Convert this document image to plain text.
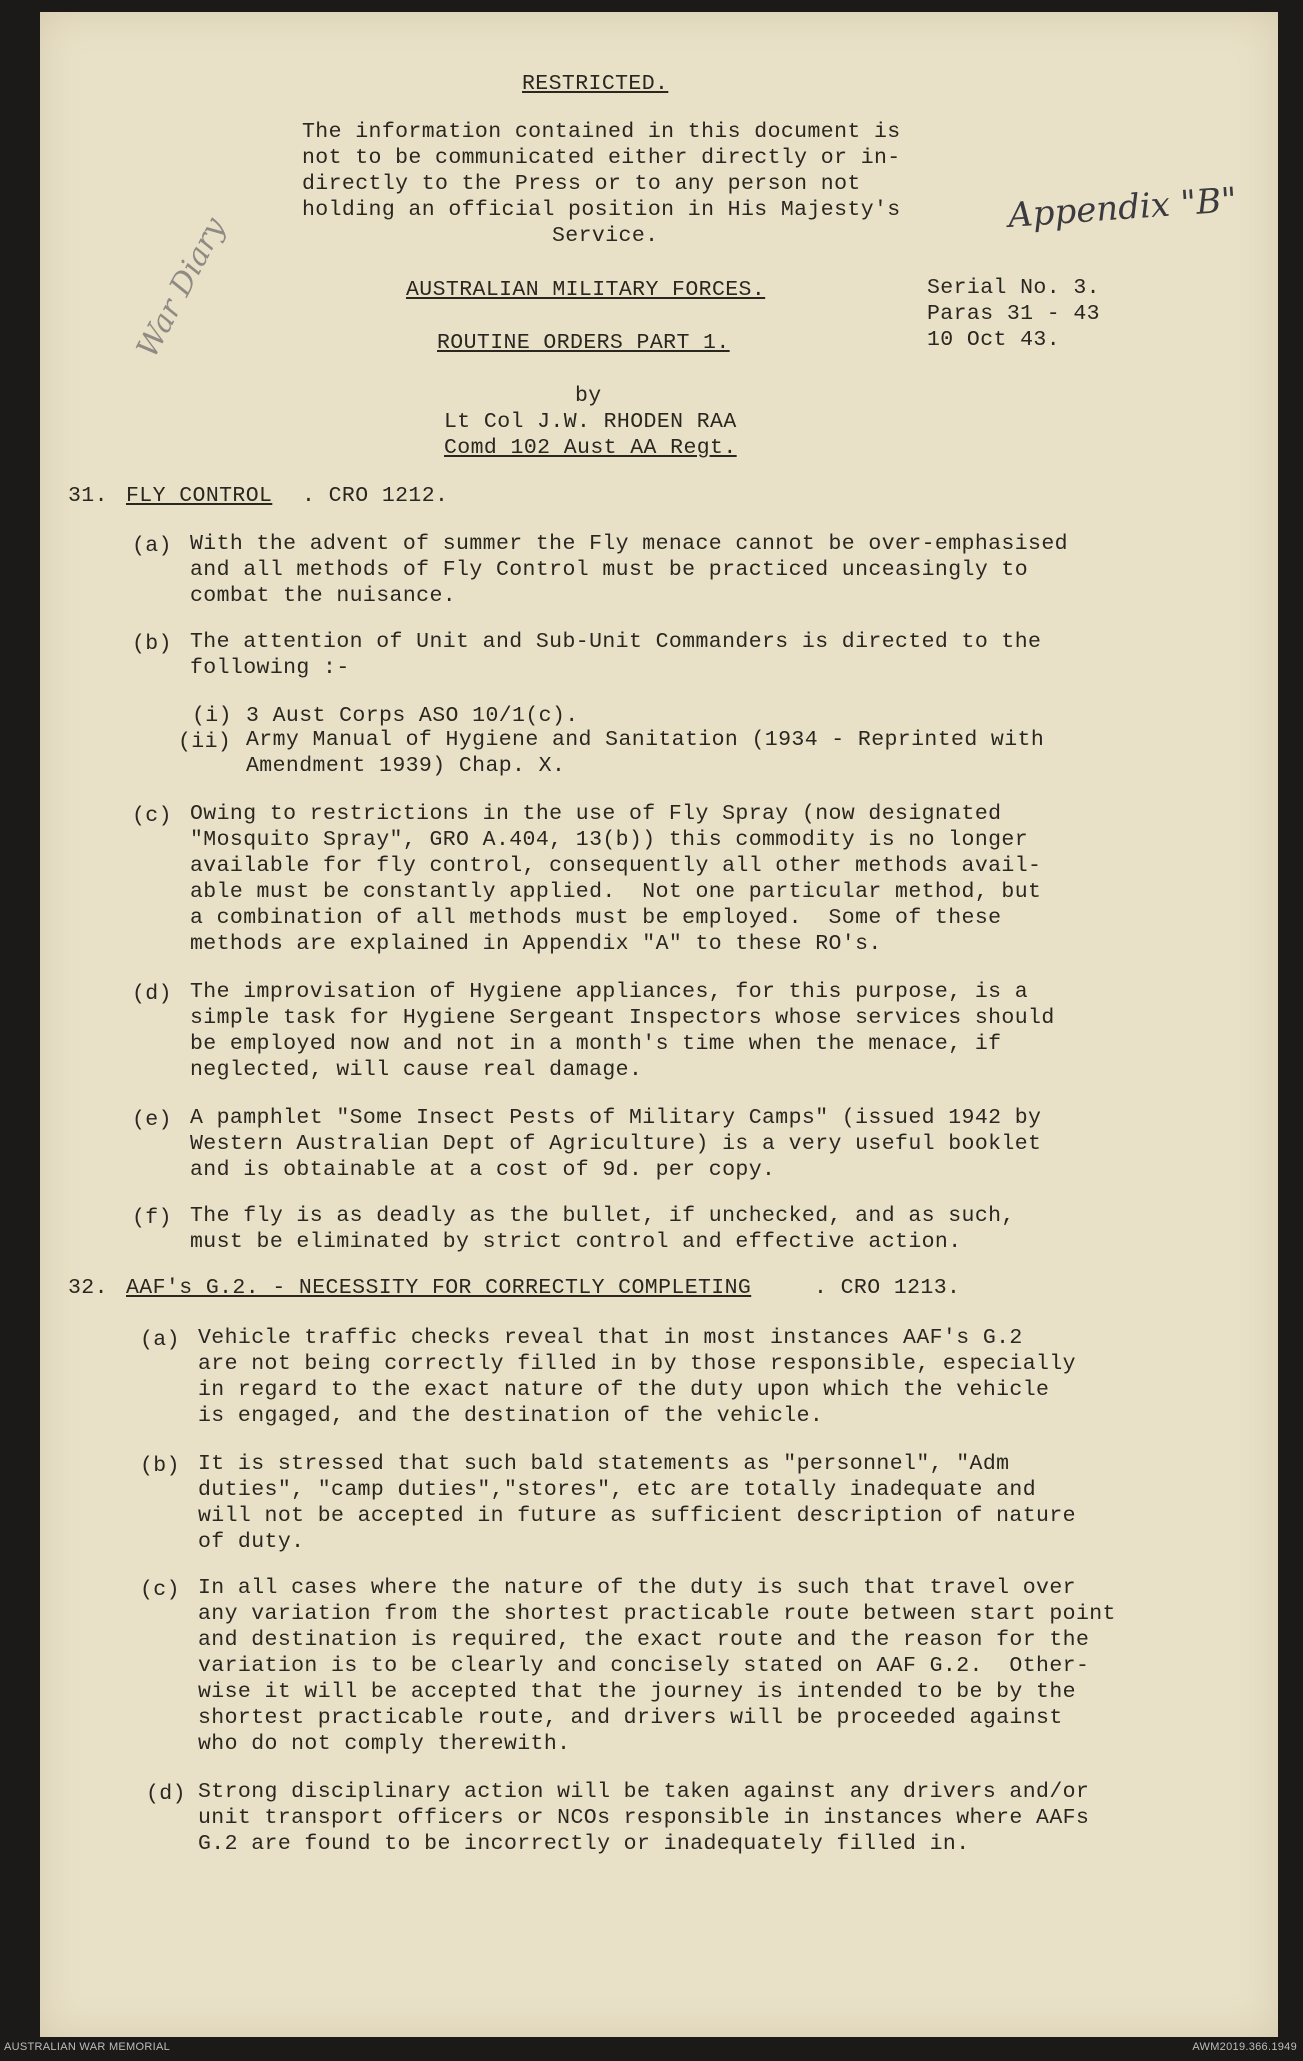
RESTRICTED.
The information contained in this document is
not to be communicated either directly or in-
directly to the Press or to any person not
holding an official position in His Majesty's
Service.
Appendix "B"
War Diary	AUSTRALIAN MILITARY FORCES.
ROUTINE ORDERS PART 1.
Serial No. 3.
Paras 31 - 43
10 Oct 43.
by
Lt Col J.W. RHODEN RAA
Comd 102 Aust AA Regt.
31. FLY CONTROL . CRO 1212.
(a) With the advent of summer the Fly menace cannot be over-emphasised
and all methods of Fly Control must be practiced unceasingly to
combat the nuisance.
(b) The attention of Unit and Sub-Unit Commanders is directed to the
following :-
(i) 3 Aust Corps ASO 10/1(c).
(ii) Army Manual of Hygiene and Sanitation (1934 - Reprinted with
Amendment 1939) Chap. X.
(c) Owing to restrictions in the use of Fly Spray (now designated
"Mosquito Spray", GRO A.404, 13(b)) this commodity is no longer
available for fly control, consequently all other methods avail-
able must be constantly applied.  Not one particular method, but
a combination of all methods must be employed.  Some of these
methods are explained in Appendix "A" to these RO's.
(d) The improvisation of Hygiene appliances, for this purpose, is a
simple task for Hygiene Sergeant Inspectors whose services should
be employed now and not in a month's time when the menace, if
neglected, will cause real damage.
(e) A pamphlet "Some Insect Pests of Military Camps" (issued 1942 by
Western Australian Dept of Agriculture) is a very useful booklet
and is obtainable at a cost of 9d. per copy.
(f) The fly is as deadly as the bullet, if unchecked, and as such,
must be eliminated by strict control and effective action.
32. AAF's G.2. - NECESSITY FOR CORRECTLY COMPLETING	. CRO 1213.
(a) Vehicle traffic checks reveal that in most instances AAF's G.2
are not being correctly filled in by those responsible, especially
in regard to the exact nature of the duty upon which the vehicle
is engaged, and the destination of the vehicle.
(b) It is stressed that such bald statements as "personnel", "Adm
duties", "camp duties","stores", etc are totally inadequate and
will not be accepted in future as sufficient description of nature
of duty.
(c) In all cases where the nature of the duty is such that travel over
any variation from the shortest practicable route between start point
and destination is required, the exact route and the reason for the
variation is to be clearly and concisely stated on AAF G.2.  Other-
wise it will be accepted that the journey is intended to be by the
shortest practicable route, and drivers will be proceeded against
who do not comply therewith.
(d) Strong disciplinary action will be taken against any drivers and/or
unit transport officers or NCOs responsible in instances where AAFs
G.2 are found to be incorrectly or inadequately filled in.
AUSTRALIAN WAR MEMORIAL	AWM2019.366.1949
